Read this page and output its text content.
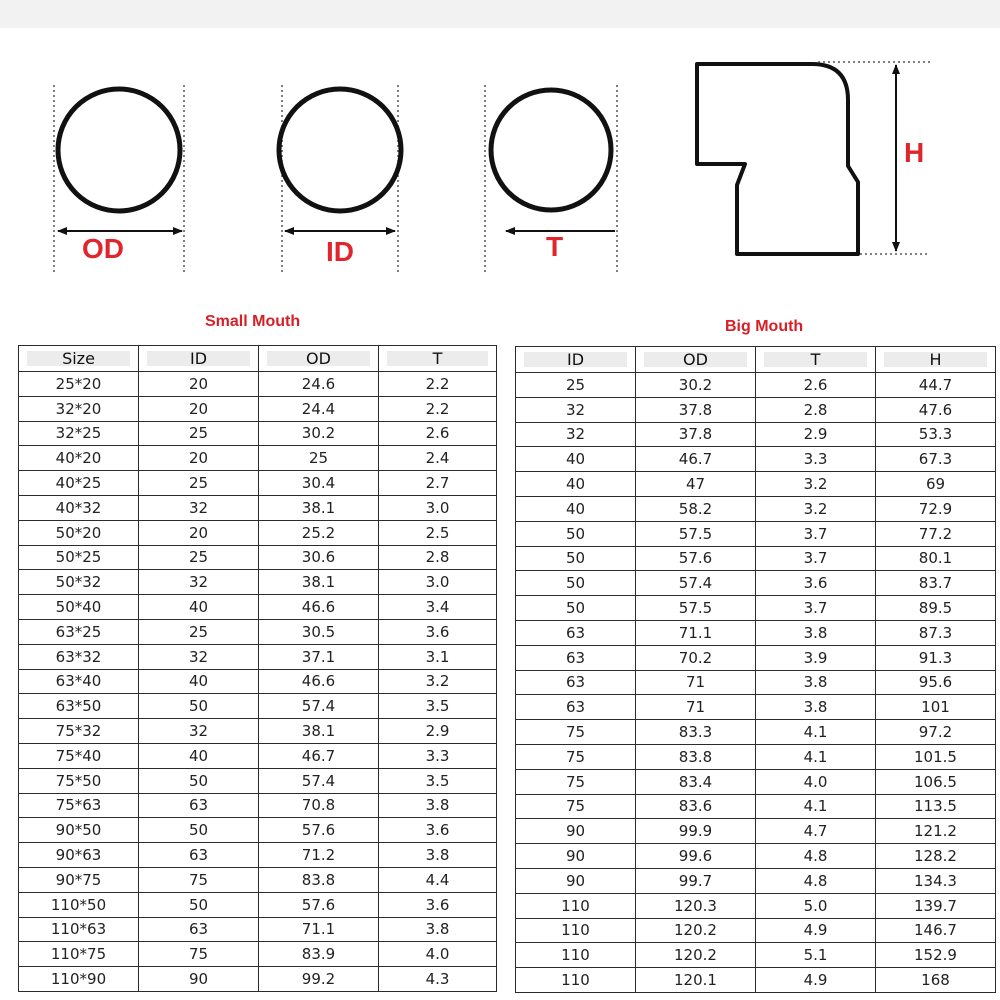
OD	ID	T
H
Small Mouth	Big Mouth
Size	ID	OD	T
25*20	20	24.6	2.2
32*20	20	24.4	2.2
32*25	25	30.2	2.6
40*20	20	25	2.4
40*25	25	30.4	2.7
40*32	32	38.1	3.0
50*20	20	25.2	2.5
50*25	25	30.6	2.8
50*32	32	38.1	3.0
50*40	40	46.6	3.4
63*25	25	30.5	3.6
63*32	32	37.1	3.1
63*40	40	46.6	3.2
63*50	50	57.4	3.5
75*32	32	38.1	2.9
75*40	40	46.7	3.3
75*50	50	57.4	3.5
75*63	63	70.8	3.8
90*50	50	57.6	3.6
90*63	63	71.2	3.8
90*75	75	83.8	4.4
110*50	50	57.6	3.6
110*63	63	71.1	3.8
110*75	75	83.9	4.0
110*90	90	99.2	4.3
ID	OD	T	H
25	30.2	2.6	44.7
32	37.8	2.8	47.6
32	37.8	2.9	53.3
40	46.7	3.3	67.3
40	47	3.2	69
40	58.2	3.2	72.9
50	57.5	3.7	77.2
50	57.6	3.7	80.1
50	57.4	3.6	83.7
50	57.5	3.7	89.5
63	71.1	3.8	87.3
63	70.2	3.9	91.3
63	71	3.8	95.6
63	71	3.8	101
75	83.3	4.1	97.2
75	83.8	4.1	101.5
75	83.4	4.0	106.5
75	83.6	4.1	113.5
90	99.9	4.7	121.2
90	99.6	4.8	128.2
90	99.7	4.8	134.3
110	120.3	5.0	139.7
110	120.2	4.9	146.7
110	120.2	5.1	152.9
110	120.1	4.9	168
